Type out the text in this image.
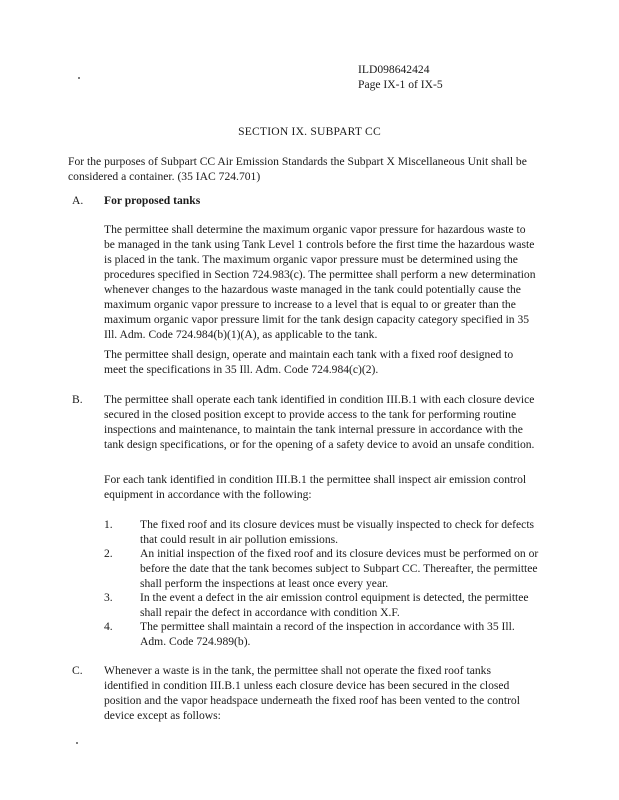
ILD098642424
Page IX-1 of IX-5
SECTION IX. SUBPART CC
For the purposes of Subpart CC Air Emission Standards the Subpart X Miscellaneous Unit shall be considered a container. (35 IAC 724.701)
A. For proposed tanks
The permittee shall determine the maximum organic vapor pressure for hazardous waste to be managed in the tank using Tank Level 1 controls before the first time the hazardous waste is placed in the tank. The maximum organic vapor pressure must be determined using the procedures specified in Section 724.983(c). The permittee shall perform a new determination whenever changes to the hazardous waste managed in the tank could potentially cause the maximum organic vapor pressure to increase to a level that is equal to or greater than the maximum organic vapor pressure limit for the tank design capacity category specified in 35 Ill. Adm. Code 724.984(b)(1)(A), as applicable to the tank.
The permittee shall design, operate and maintain each tank with a fixed roof designed to meet the specifications in 35 Ill. Adm. Code 724.984(c)(2).
B. The permittee shall operate each tank identified in condition III.B.1 with each closure device secured in the closed position except to provide access to the tank for performing routine inspections and maintenance, to maintain the tank internal pressure in accordance with the tank design specifications, or for the opening of a safety device to avoid an unsafe condition.
For each tank identified in condition III.B.1 the permittee shall inspect air emission control equipment in accordance with the following:
1. The fixed roof and its closure devices must be visually inspected to check for defects that could result in air pollution emissions.
2. An initial inspection of the fixed roof and its closure devices must be performed on or before the date that the tank becomes subject to Subpart CC. Thereafter, the permittee shall perform the inspections at least once every year.
3. In the event a defect in the air emission control equipment is detected, the permittee shall repair the defect in accordance with condition X.F.
4. The permittee shall maintain a record of the inspection in accordance with 35 Ill. Adm. Code 724.989(b).
C. Whenever a waste is in the tank, the permittee shall not operate the fixed roof tanks identified in condition III.B.1 unless each closure device has been secured in the closed position and the vapor headspace underneath the fixed roof has been vented to the control device except as follows:
